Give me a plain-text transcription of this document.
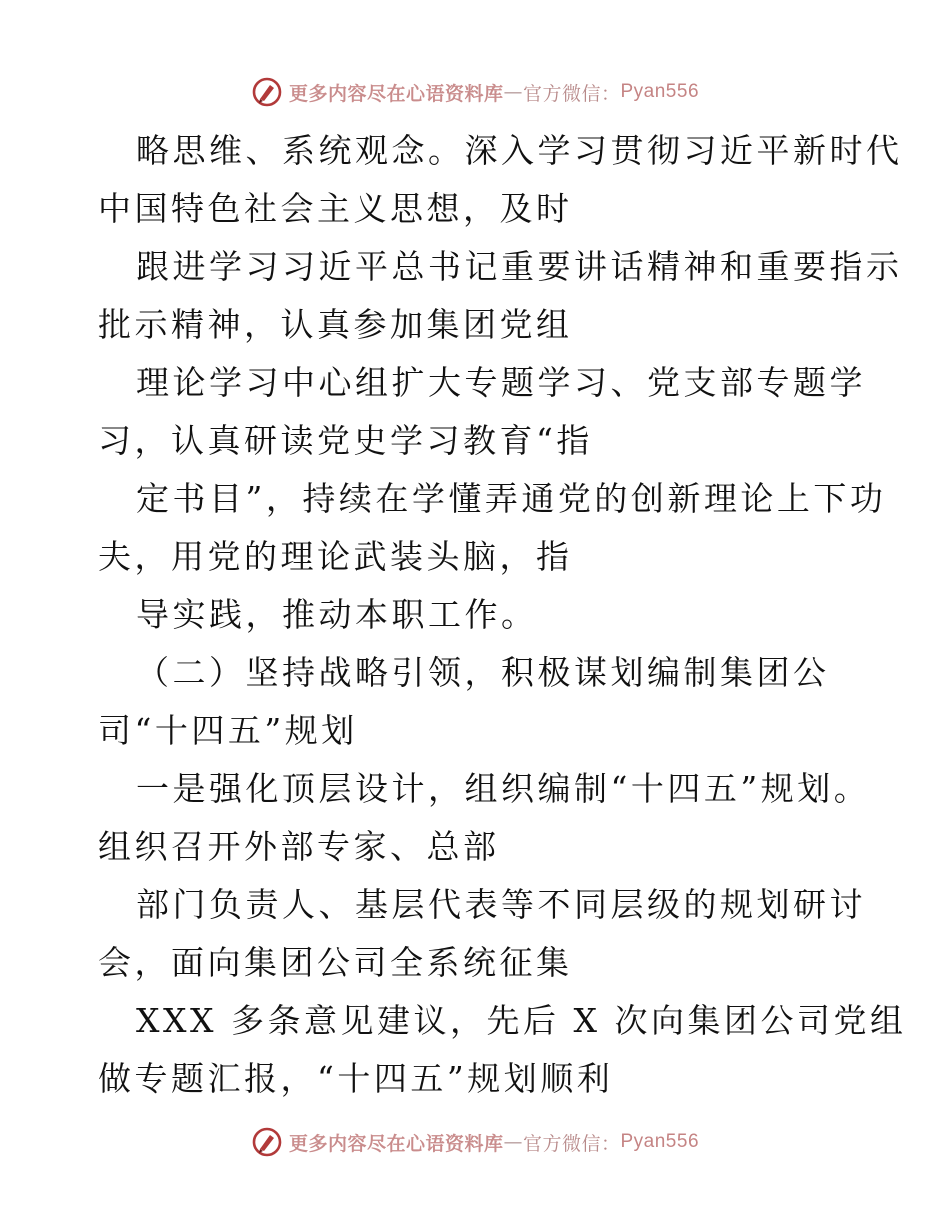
更多内容尽在心语资料库 — 官方微信： Pyan556
略思维、系统观念。深入学习贯彻习近平新时代
中国特色社会主义思想，及时
跟进学习习近平总书记重要讲话精神和重要指示
批示精神，认真参加集团党组
理论学习中心组扩大专题学习、党支部专题学
习，认真研读党史学习教育“指
定书目”，持续在学懂弄通党的创新理论上下功
夫，用党的理论武装头脑，指
导实践，推动本职工作。
（二）坚持战略引领，积极谋划编制集团公
司“十四五”规划
一是强化顶层设计，组织编制“十四五”规划。
组织召开外部专家、总部
部门负责人、基层代表等不同层级的规划研讨
会，面向集团公司全系统征集
XXX 多条意见建议，先后 X 次向集团公司党组
做专题汇报，“十四五”规划顺利
更多内容尽在心语资料库 — 官方微信： Pyan556
